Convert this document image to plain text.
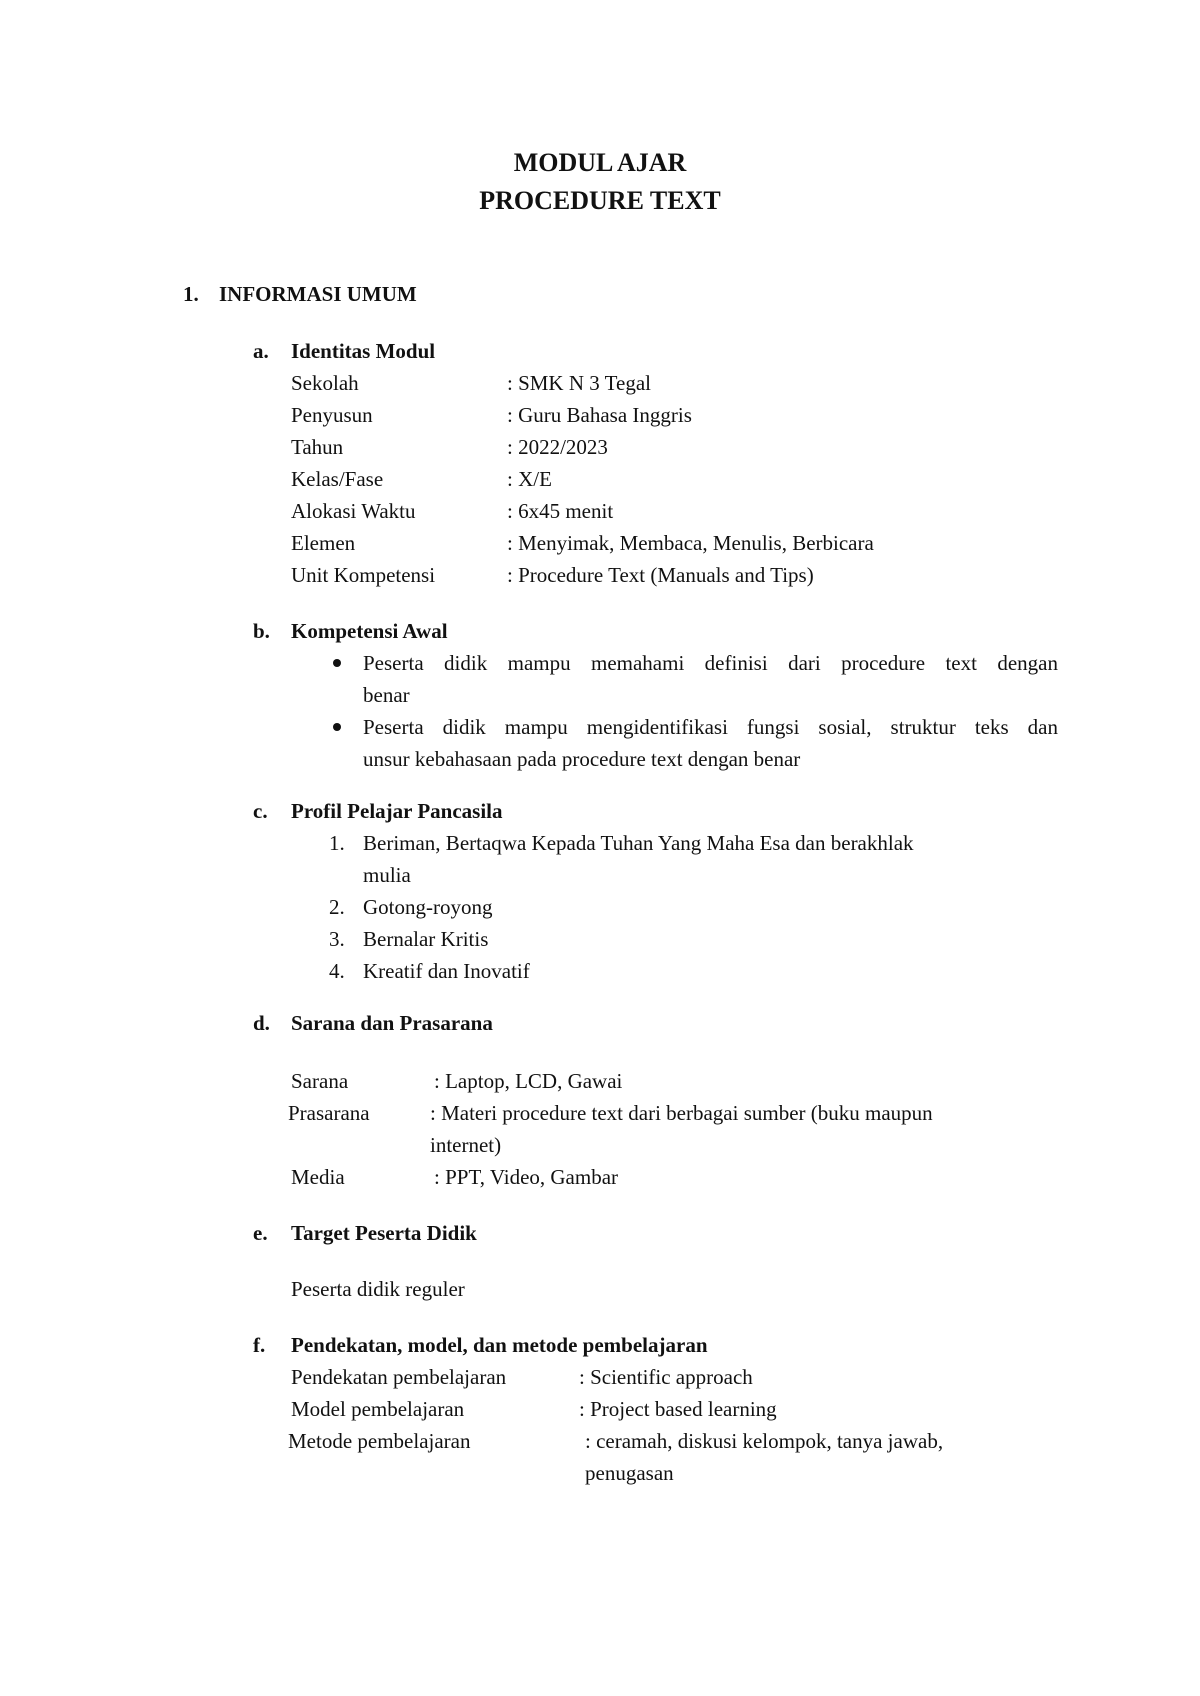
MODUL AJAR
PROCEDURE TEXT
1. INFORMASI UMUM
a. Identitas Modul
Sekolah	: SMK N 3 Tegal
Penyusun	: Guru Bahasa Inggris
Tahun	: 2022/2023
Kelas/Fase	: X/E
Alokasi Waktu	: 6x45 menit
Elemen	: Menyimak, Membaca, Menulis, Berbicara
Unit Kompetensi	: Procedure Text (Manuals and Tips)
b. Kompetensi Awal
Peserta didik mampu memahami definisi dari procedure text dengan
benar
Peserta didik mampu mengidentifikasi fungsi sosial, struktur teks dan
unsur kebahasaan pada procedure text dengan benar
c. Profil Pelajar Pancasila
1. Beriman, Bertaqwa Kepada Tuhan Yang Maha Esa dan berakhlak
mulia
2. Gotong-royong
3. Bernalar Kritis
4. Kreatif dan Inovatif
d. Sarana dan Prasarana
Sarana	: Laptop, LCD, Gawai
Prasarana	: Materi procedure text dari berbagai sumber (buku maupun
internet)
Media	: PPT, Video, Gambar
e. Target Peserta Didik
Peserta didik reguler
f. Pendekatan, model, dan metode pembelajaran
Pendekatan pembelajaran	: Scientific approach
Model pembelajaran	: Project based learning
Metode pembelajaran	: ceramah, diskusi kelompok, tanya jawab,
penugasan
